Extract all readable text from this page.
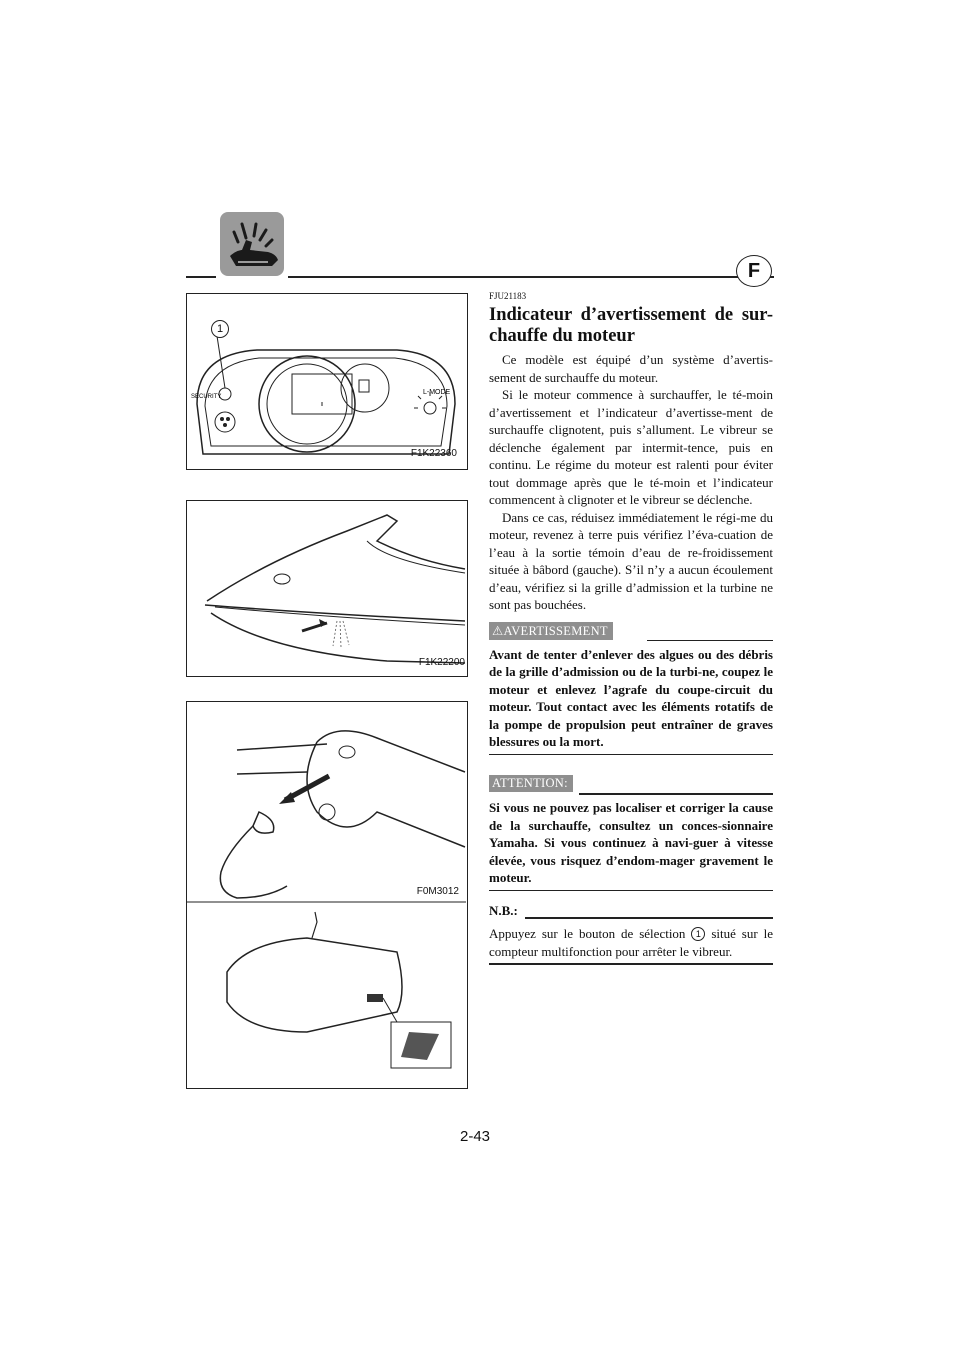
F
SECURITY
L-MODE
1
F1K22360
F1K22200
F0M3012
FJU21183
Indicateur d’avertissement de sur-chauffe du moteur

Ce modèle est équipé d’un système d’avertis-sement de surchauffe du moteur.

Si le moteur commence à surchauffer, le té-moin d’avertissement et l’indicateur d’avertisse-ment de surchauffe clignotent, puis s’allument. Le vibreur se déclenche également par intermit-tence, puis en continu. Le régime du moteur est ralenti pour éviter tout dommage après que le té-moin et l’indicateur commencent à clignoter et le vibreur se déclenche.

Dans ce cas, réduisez immédiatement le régi-me du moteur, revenez à terre puis vérifiez l’éva-cuation de l’eau à la sortie témoin d’eau de re-froidissement située à bâbord (gauche). S’il n’y a aucun écoulement d’eau, vérifiez si la grille d’admission et la turbine ne sont pas bouchées.

⚠AVERTISSEMENT

Avant de tenter d’enlever des algues ou des débris de la grille d’admission ou de la turbi-ne, coupez le moteur et enlevez l’agrafe du coupe-circuit du moteur. Tout contact avec les éléments rotatifs de la pompe de propulsion peut entraîner de graves blessures ou la mort.

ATTENTION:

Si vous ne pouvez pas localiser et corriger la cause de la surchauffe, consultez un conces-sionnaire Yamaha. Si vous continuez à navi-guer à vitesse élevée, vous risquez d’endom-mager gravement le moteur.

N.B.:

Appuyez sur le bouton de sélection 1 situé sur le compteur multifonction pour arrêter le vibreur.

2-43
